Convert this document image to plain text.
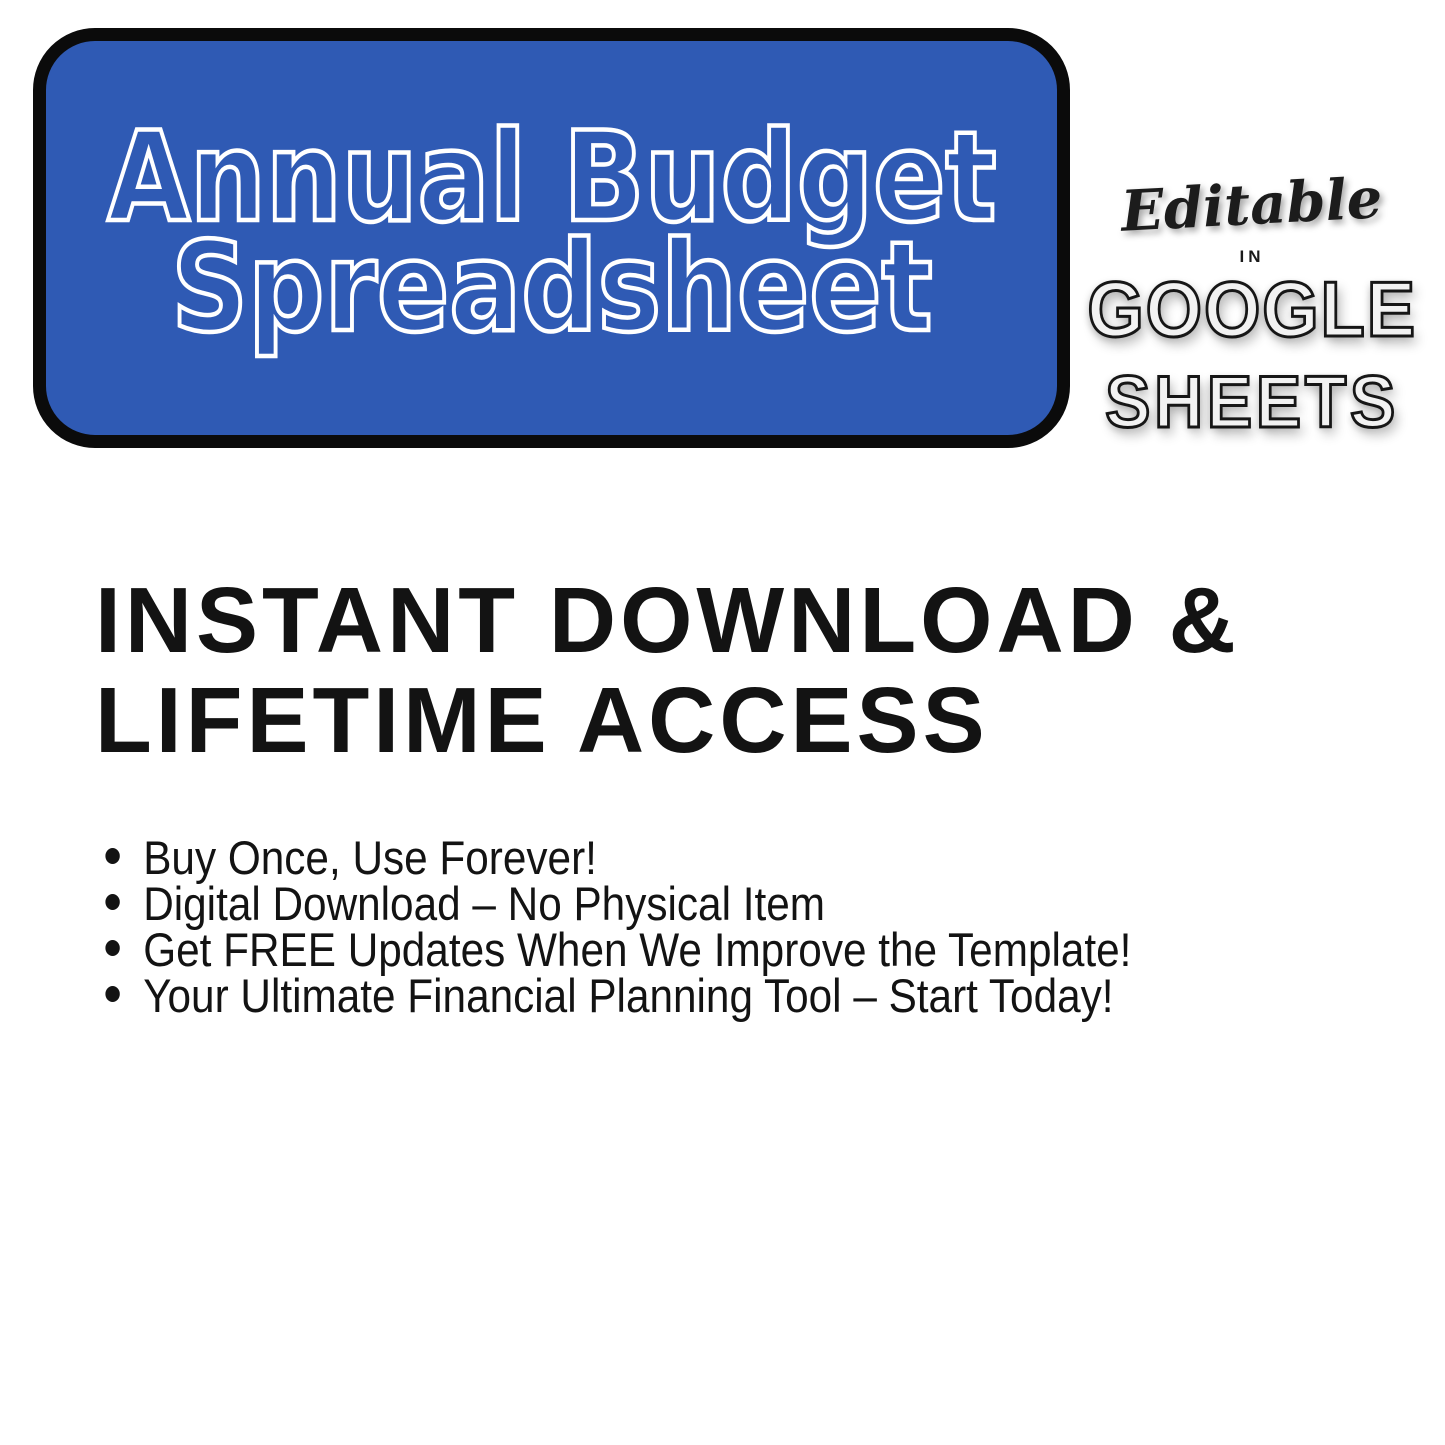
Annual Budget
Spreadsheet
Editable
IN
GOOGLE
SHEETS
INSTANT DOWNLOAD &
LIFETIME ACCESS
Buy Once, Use Forever!
Digital Download – No Physical Item
Get FREE Updates When We Improve the Template!
Your Ultimate Financial Planning Tool – Start Today!
